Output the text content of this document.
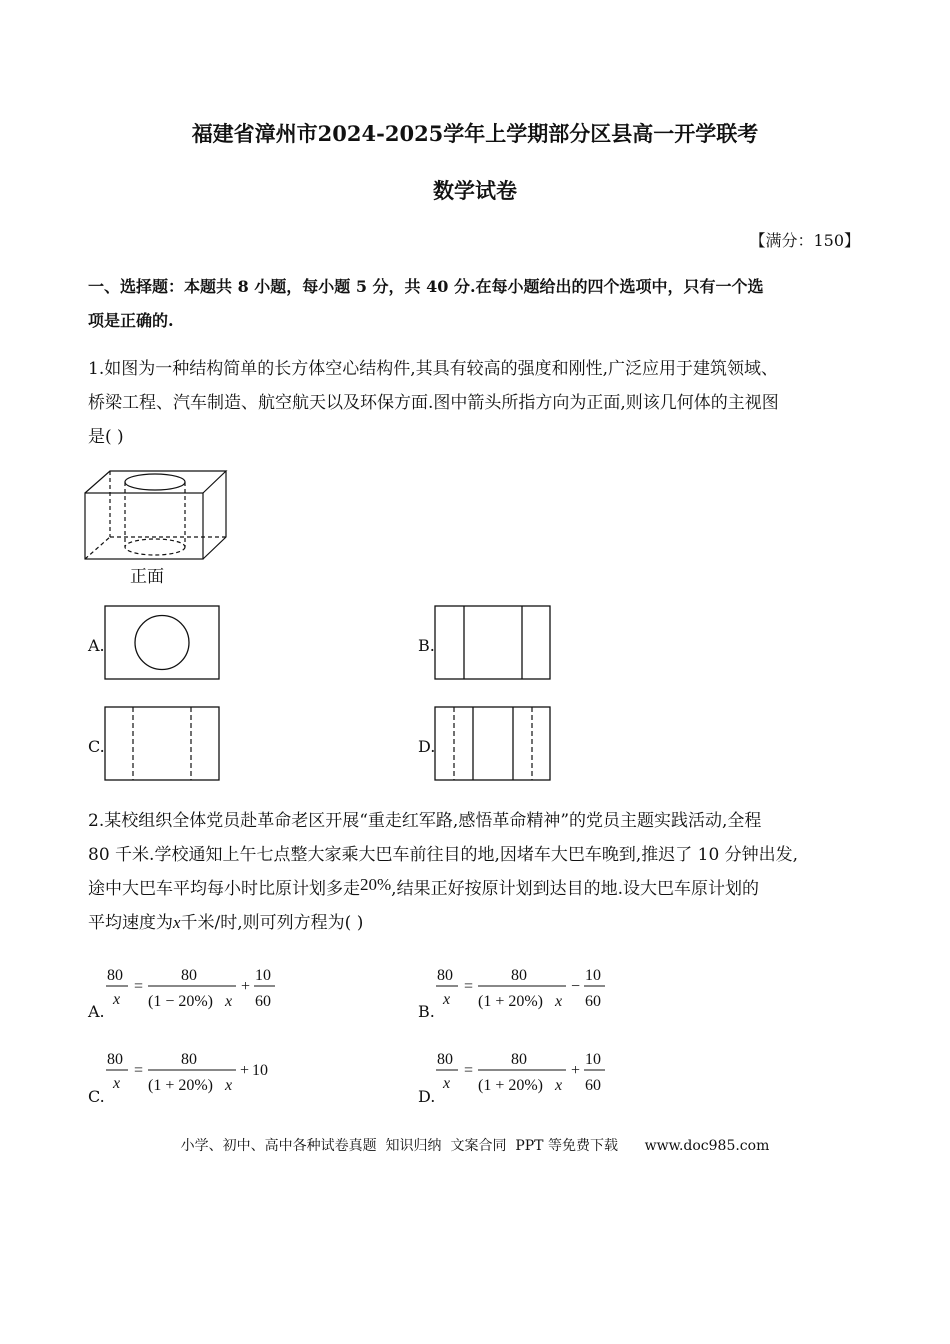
福建省漳州市2024-2025学年上学期部分区县高一开学联考
数学试卷
【满分：150】
一、选择题：本题共 8 小题，每小题 5 分，共 40 分.在每小题给出的四个选项中，只有一个选
项是正确的.
1.如图为一种结构简单的长方体空心结构件,其具有较高的强度和刚性,广泛应用于建筑领域、
桥梁工程、汽车制造、航空航天以及环保方面.图中箭头所指方向为正面,则该几何体的主视图
是( )
正面
A.	B.
C.	D.
2.某校组织全体党员赴革命老区开展“重走红军路,感悟革命精神”的党员主题实践活动,全程
80 千米.学校通知上午七点整大家乘大巴车前往目的地,因堵车大巴车晚到,推迟了 10 分钟出发,
途中大巴车平均每小时比原计划多走20%,结果正好按原计划到达目的地.设大巴车原计划的
平均速度为x千米/时,则可列方程为( )
A.
80
x
=
80
(1 − 20%) x
+
10
60
B.
80
x
=
80
(1 + 20%) x
−
10
60
C.
80
x
=
80
(1 + 20%) x
+ 10
D.
80
x
=
80
(1 + 20%) x
+
10
60
小学、初中、高中各种试卷真题  知识归纳  文案合同  PPT 等免费下载      www.doc985.com
